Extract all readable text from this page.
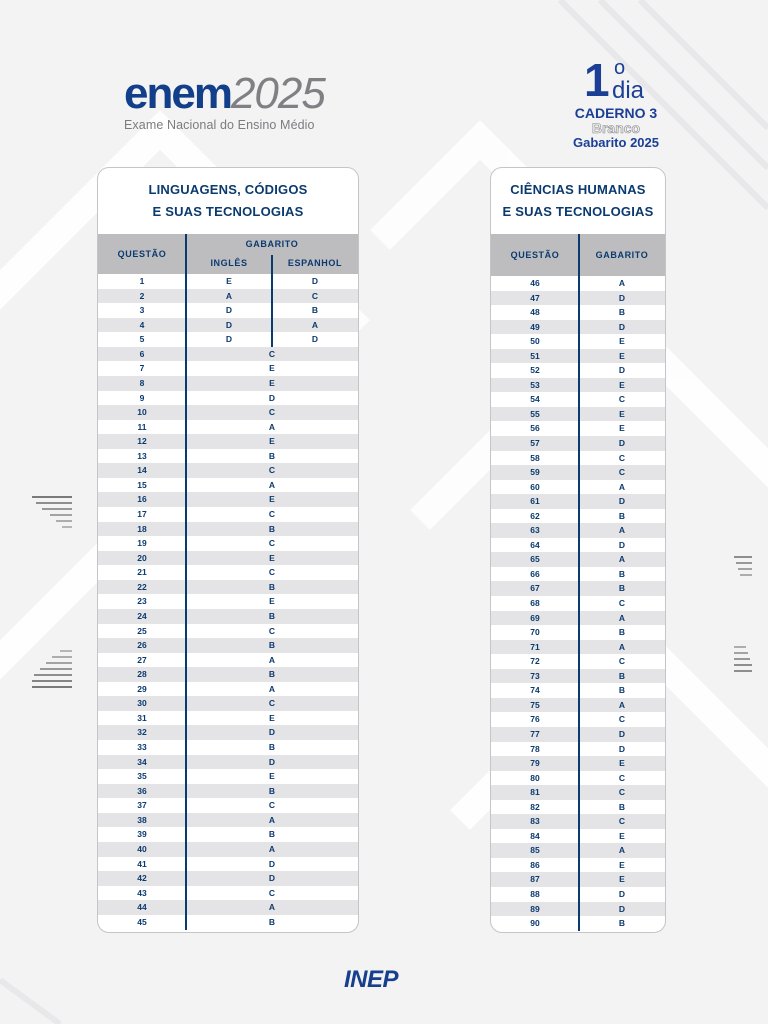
enem2025
Exame Nacional do Ensino Médio
1 o
dia
CADERNO 3
Branco
Gabarito 2025
LINGUAGENS, CÓDIGOS
E SUAS TECNOLOGIAS
QUESTÃO
GABARITO
INGLÊS	ESPANHOL
1	E	D
2	A	C
3	D	B
4	D	A
5	D	D
6	C
7	E
8	E
9	D
10	C
11	A
12	E
13	B
14	C
15	A
16	E
17	C
18	B
19	C
20	E
21	C
22	B
23	E
24	B
25	C
26	B
27	A
28	B
29	A
30	C
31	E
32	D
33	B
34	D
35	E
36	B
37	C
38	A
39	B
40	A
41	D
42	D
43	C
44	A
45	B
CIÊNCIAS HUMANAS
E SUAS TECNOLOGIAS
QUESTÃO	GABARITO
46	A
47	D
48	B
49	D
50	E
51	E
52	D
53	E
54	C
55	E
56	E
57	D
58	C
59	C
60	A
61	D
62	B
63	A
64	D
65	A
66	B
67	B
68	C
69	A
70	B
71	A
72	C
73	B
74	B
75	A
76	C
77	D
78	D
79	E
80	C
81	C
82	B
83	C
84	E
85	A
86	E
87	E
88	D
89	D
90	B
INEP
